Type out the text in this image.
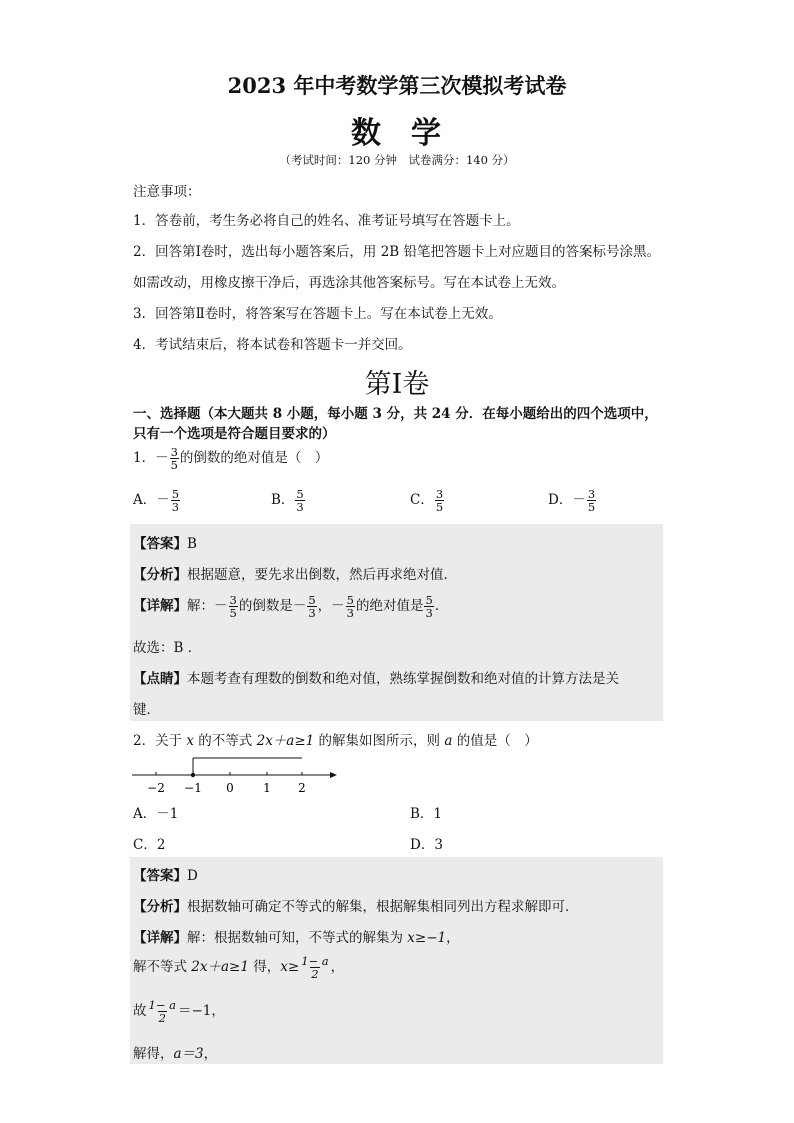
2023 年中考数学第三次模拟考试卷
数 学
（考试时间：120 分钟　试卷满分：140 分）
注意事项：
1．答卷前，考生务必将自己的姓名、准考证号填写在答题卡上。
2．回答第Ⅰ卷时，选出每小题答案后，用 2B 铅笔把答题卡上对应题目的答案标号涂黑。
如需改动，用橡皮擦干净后，再选涂其他答案标号。写在本试卷上无效。
3．回答第Ⅱ卷时，将答案写在答题卡上。写在本试卷上无效。
4．考试结束后，将本试卷和答题卡一并交回。
第Ⅰ卷
一、选择题（本大题共 8 小题，每小题 3 分，共 24 分．在每小题给出的四个选项中，
只有一个选项是符合题目要求的）
1．－ $\frac{3}{5}$ 的倒数的绝对值是（　）
A．－ $\frac{5}{3}$	B． $\frac{5}{3}$	C． $\frac{3}{5}$	D．－ $\frac{3}{5}$
【答案】B
【分析】根据题意，要先求出倒数，然后再求绝对值．
【详解】解：－ $\frac{3}{5}$ 的倒数是－ $\frac{5}{3}$ ，－ $\frac{5}{3}$ 的绝对值是 $\frac{5}{3}$ ．
故选：B ．
【点睛】本题考查有理数的倒数和绝对值，熟练掌握倒数和绝对值的计算方法是关
键．
2．关于 x 的不等式 2x＋a≥1 的解集如图所示，则 a 的值是（　）
−2 −1 0 1 2
A．－1	B．1
C．2	D．3
【答案】D
【分析】根据数轴可确定不等式的解集，根据解集相同列出方程求解即可．
【详解】解：根据数轴可知，不等式的解集为 x≥−1，
解不等式 2x＋a≥1 得，$x\ge \frac{1- a}{2}$ ，
故 $\frac{1- a}{2} =-1$，
解得，a＝3，
